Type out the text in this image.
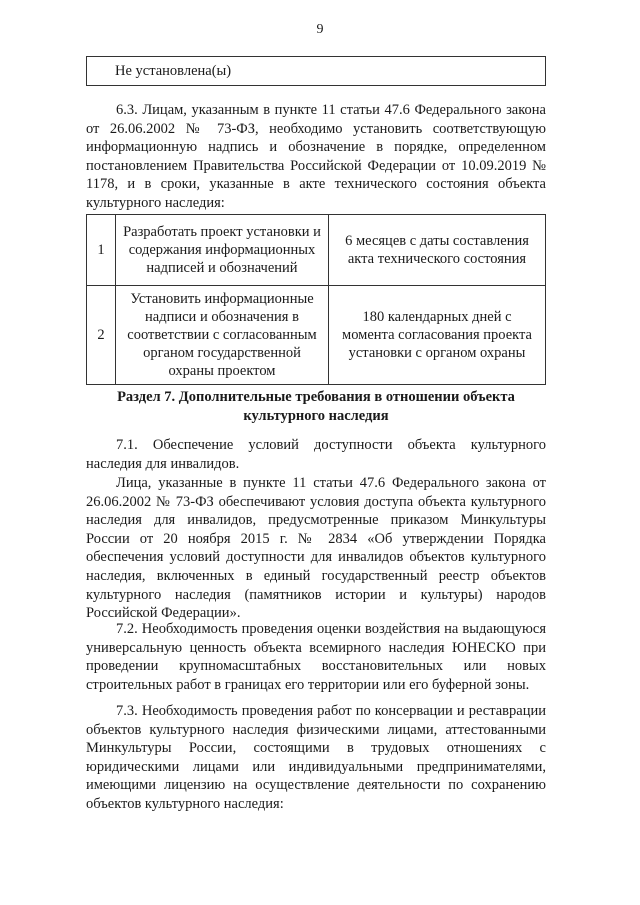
9
Не установлена(ы)

6.3. Лицам, указанным в пункте 11 статьи 47.6 Федерального закона от 26.06.2002 № 73-ФЗ, необходимо установить соответствующую информационную надпись и обозначение в порядке, определенном постановлением Правительства Российской Федерации от 10.09.2019 № 1178, и в сроки, указанные в акте технического состояния объекта культурного наследия:

1	Разработать проект установки и содержания информационных надписей и обозначений	6 месяцев с даты составления акта технического состояния
2	Установить информационные надписи и обозначения в соответствии с согласованным органом государственной охраны проектом	180 календарных дней с момента согласования проекта установки с органом охраны
Раздел 7. Дополнительные требования в отношении объекта культурного наследия

7.1. Обеспечение условий доступности объекта культурного наследия для инвалидов.

Лица, указанные в пункте 11 статьи 47.6 Федерального закона от 26.06.2002 № 73-ФЗ обеспечивают условия доступа объекта культурного наследия для инвалидов, предусмотренные приказом Минкультуры России от 20 ноября 2015 г. № 2834 «Об утверждении Порядка обеспечения условий доступности для инвалидов объектов культурного наследия, включенных в единый государственный реестр объектов культурного наследия (памятников истории и культуры) народов Российской Федерации».

7.2. Необходимость проведения оценки воздействия на выдающуюся универсальную ценность объекта всемирного наследия ЮНЕСКО при проведении крупномасштабных восстановительных или новых строительных работ в границах его территории или его буферной зоны.

7.3. Необходимость проведения работ по консервации и реставрации объектов культурного наследия физическими лицами, аттестованными Минкультуры России, состоящими в трудовых отношениях с юридическими лицами или индивидуальными предпринимателями, имеющими лицензию на осуществление деятельности по сохранению объектов культурного наследия:
